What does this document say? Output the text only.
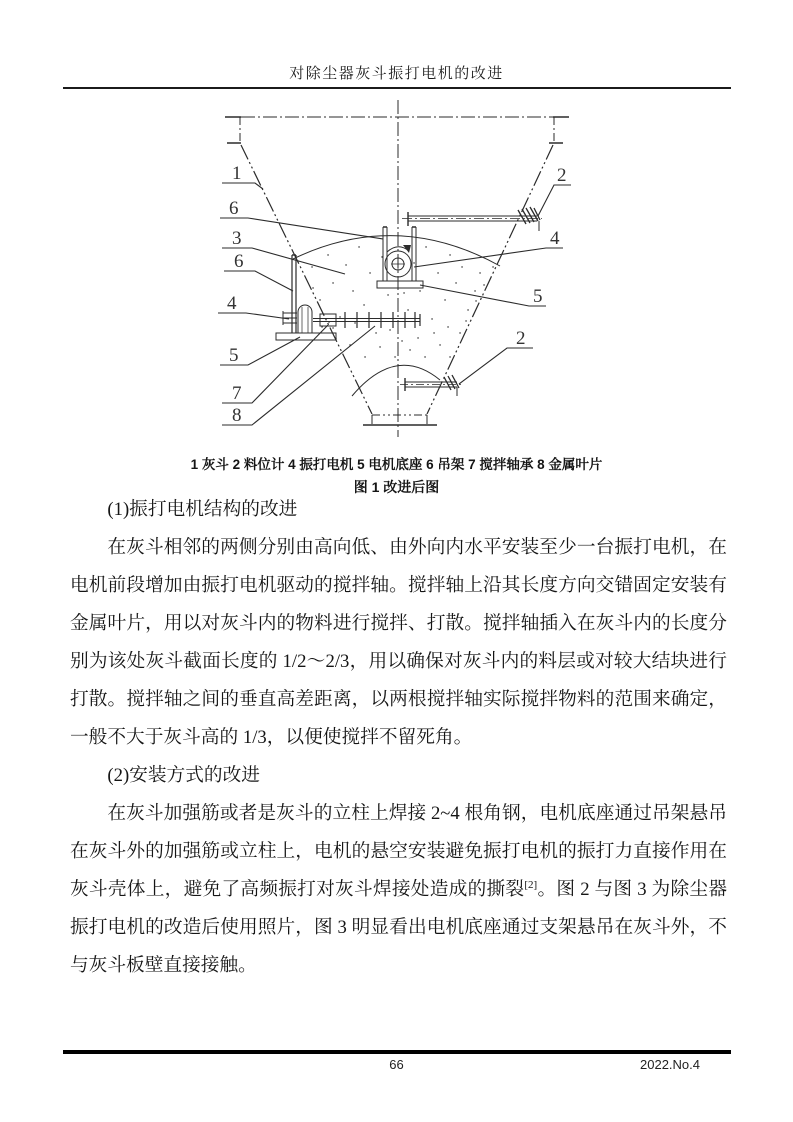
对除尘器灰斗振打电机的改进
1
6
3
6
4
5
7
8
2
4
5
2
1 灰斗 2 料位计 4 振打电机 5 电机底座 6 吊架 7 搅拌轴承 8 金属叶片
图 1 改进后图

(1)振打电机结构的改进

在灰斗相邻的两侧分别由高向低、由外向内水平安装至少一台振打电机，在电机前段增加由振打电机驱动的搅拌轴。搅拌轴上沿其长度方向交错固定安装有金属叶片，用以对灰斗内的物料进行搅拌、打散。搅拌轴插入在灰斗内的长度分别为该处灰斗截面长度的 1/2～2/3，用以确保对灰斗内的料层或对较大结块进行打散。搅拌轴之间的垂直高差距离，以两根搅拌轴实际搅拌物料的范围来确定，一般不大于灰斗高的 1/3，以便使搅拌不留死角。

(2)安装方式的改进

在灰斗加强筋或者是灰斗的立柱上焊接 2~4 根角钢，电机底座通过吊架悬吊在灰斗外的加强筋或立柱上，电机的悬空安装避免振打电机的振打力直接作用在灰斗壳体上，避免了高频振打对灰斗焊接处造成的撕裂[2]。图 2 与图 3 为除尘器振打电机的改造后使用照片，图 3 明显看出电机底座通过支架悬吊在灰斗外，不与灰斗板壁直接接触。

66	2022.No.4
